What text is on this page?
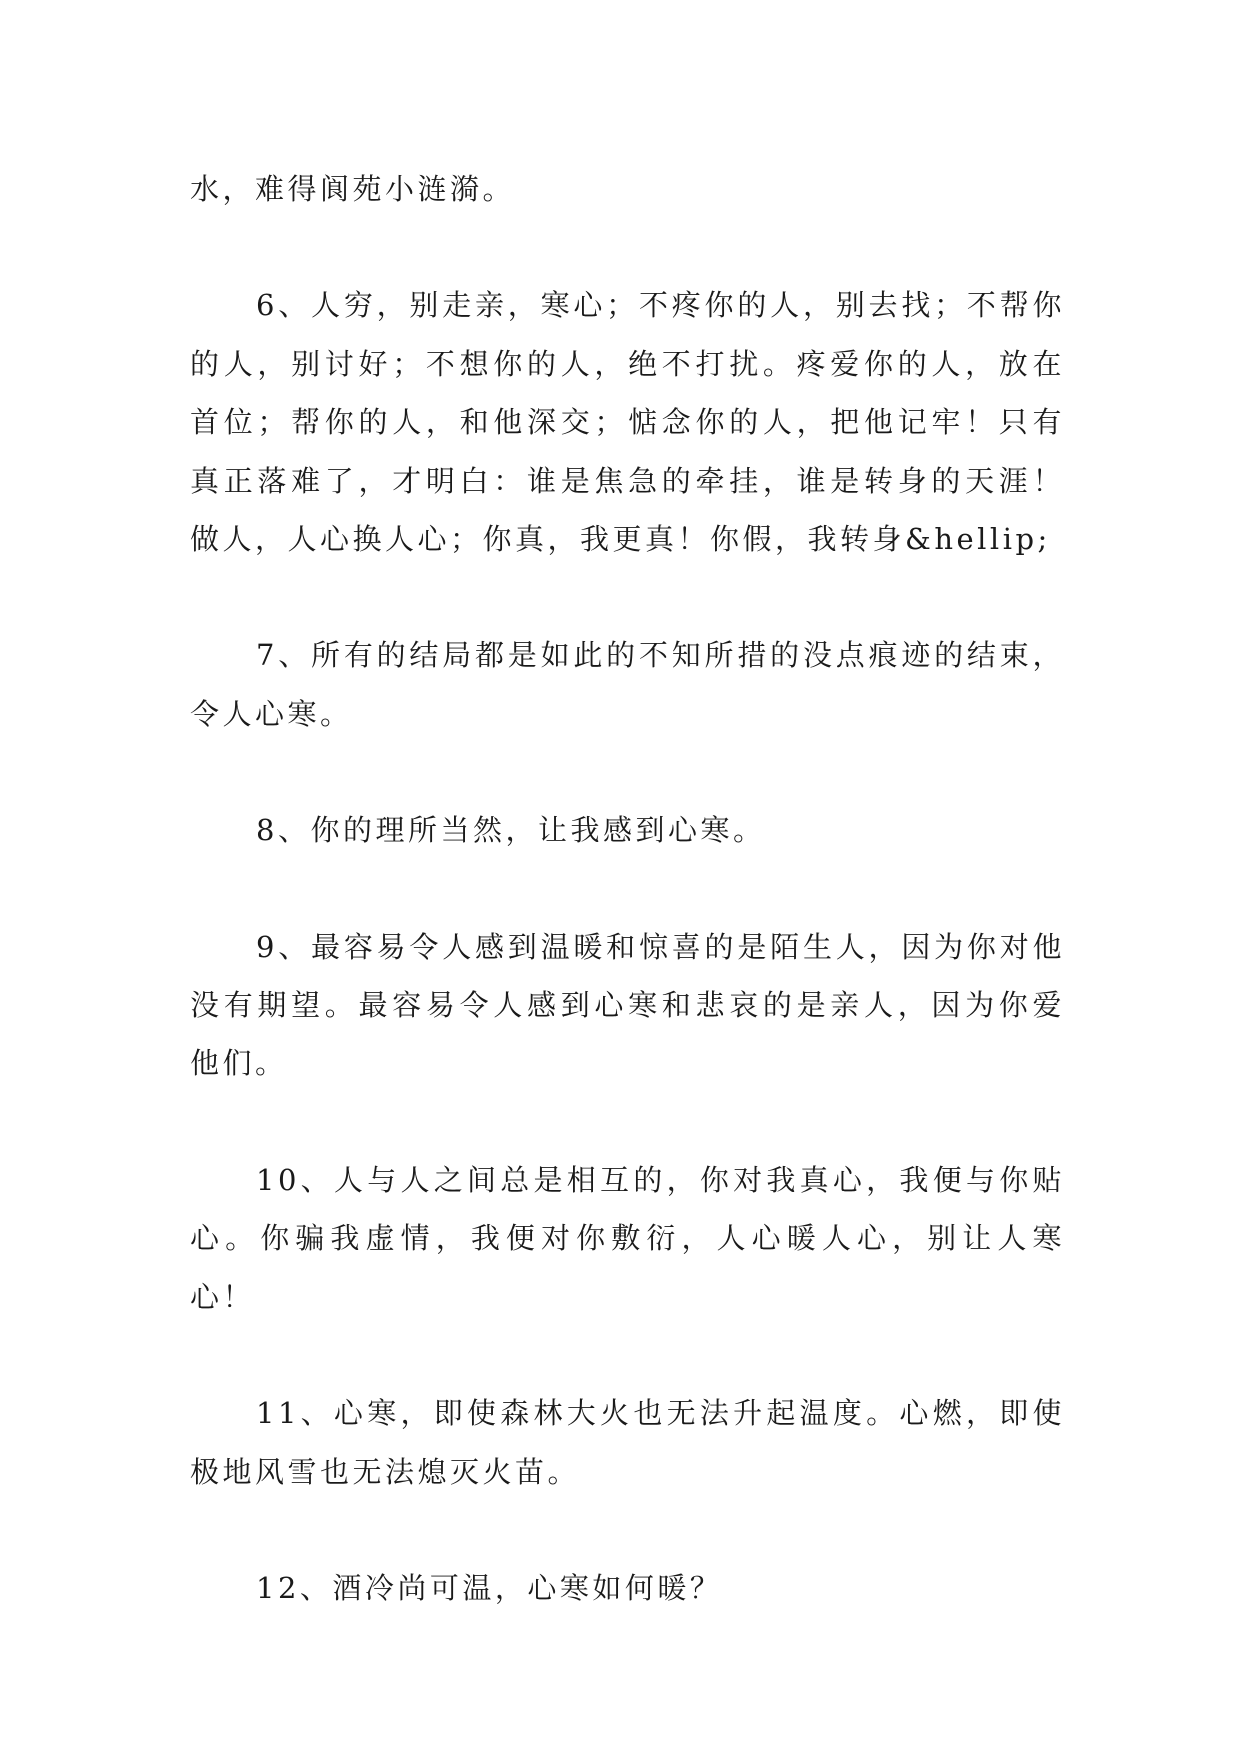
水，难得阆苑小涟漪。

6、人穷，别走亲，寒心；不疼你的人，别去找；不帮你的人，别讨好；不想你的人，绝不打扰。疼爱你的人，放在首位；帮你的人，和他深交；惦念你的人，把他记牢！只有真正落难了，才明白：谁是焦急的牵挂，谁是转身的天涯！做人，人心换人心；你真，我更真！你假，我转身&hellip;

7、所有的结局都是如此的不知所措的没点痕迹的结束，令人心寒。

8、你的理所当然，让我感到心寒。

9、最容易令人感到温暖和惊喜的是陌生人，因为你对他没有期望。最容易令人感到心寒和悲哀的是亲人，因为你爱他们。

10、人与人之间总是相互的，你对我真心，我便与你贴心。你骗我虚情，我便对你敷衍，人心暖人心，别让人寒心！

11、心寒，即使森林大火也无法升起温度。心燃，即使极地风雪也无法熄灭火苗。

12、酒冷尚可温，心寒如何暖？
